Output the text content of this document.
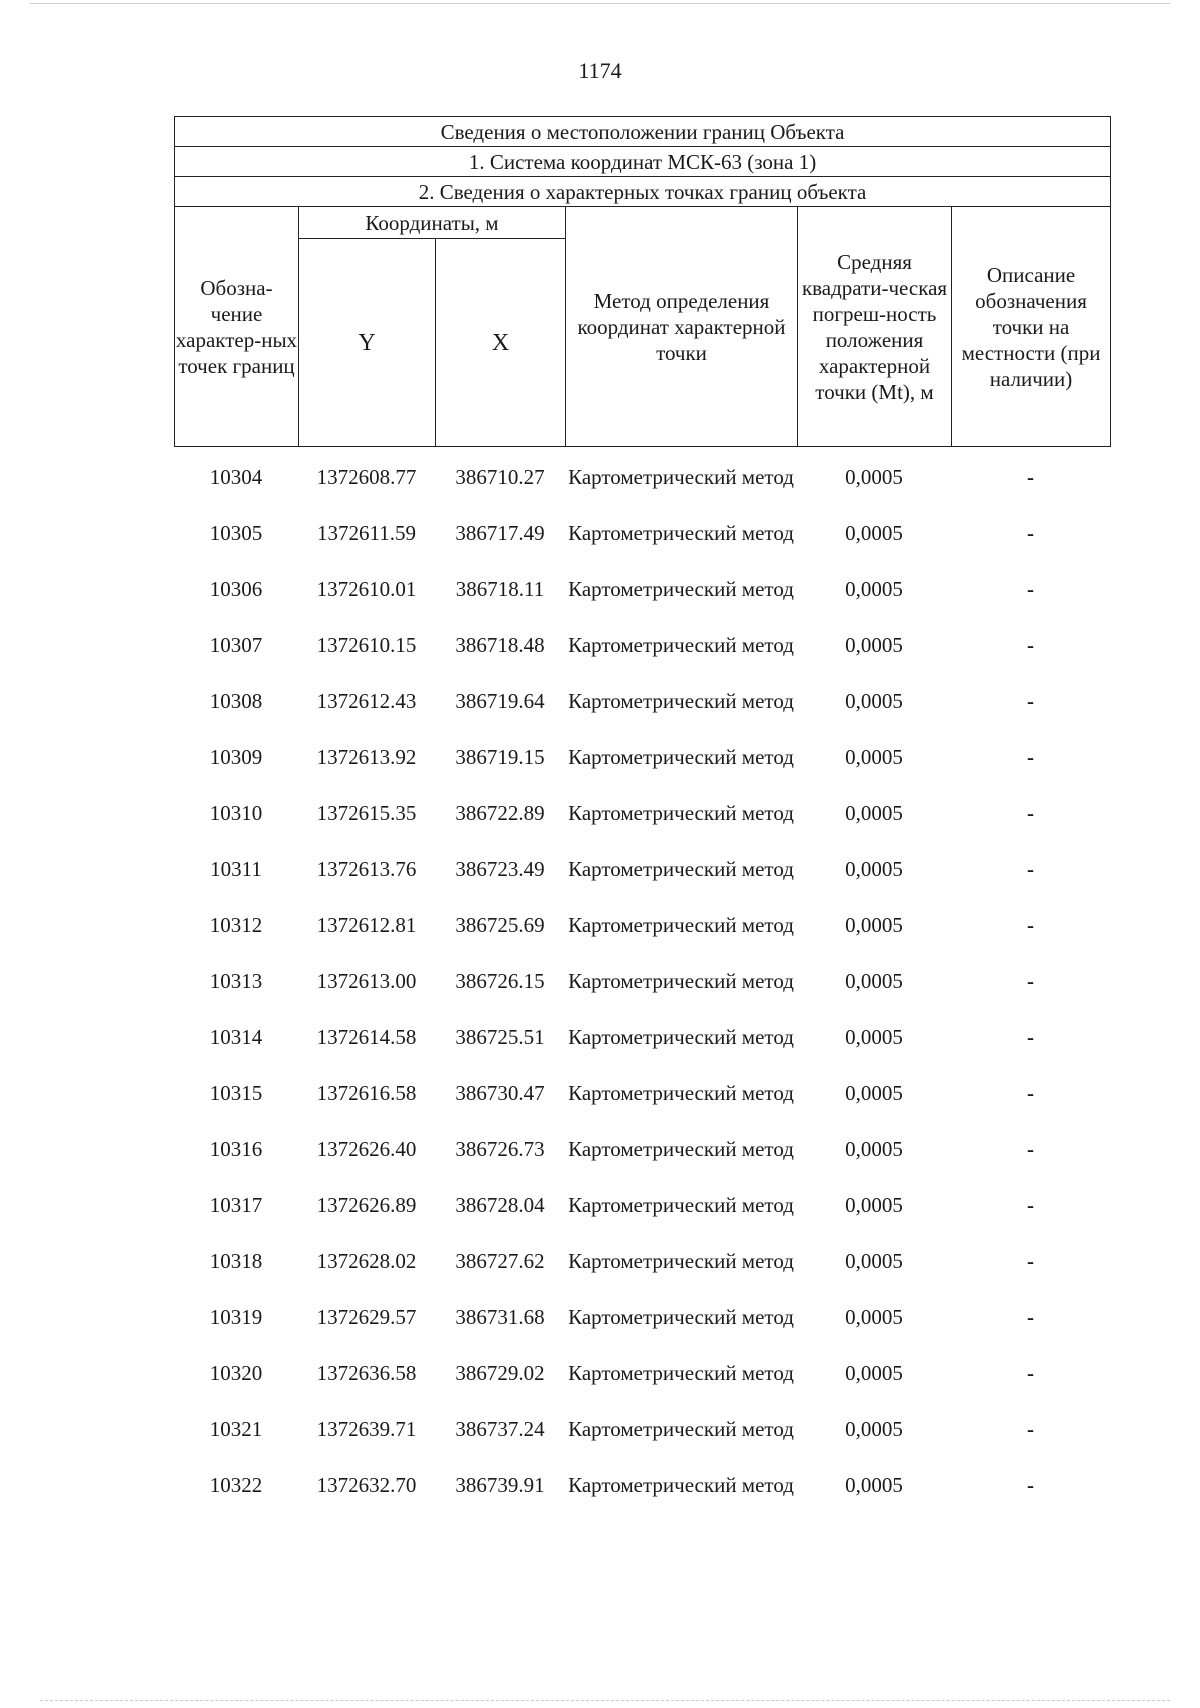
1174
Сведения о местоположении границ Объекта					
1. Система координат МСК-63 (зона 1)					
2. Сведения о характерных точках границ объекта					
Обозна-чение характер-ных точек границ	Координаты, м		Метод определения координат характерной точки	Средняя квадрати-ческая погреш-ность положения характерной точки (Mt), м	Описание обозначения точки на местности (при наличии)
	Y	X			
10304	1372608.77	386710.27	Картометрический метод	0,0005	-
10305	1372611.59	386717.49	Картометрический метод	0,0005	-
10306	1372610.01	386718.11	Картометрический метод	0,0005	-
10307	1372610.15	386718.48	Картометрический метод	0,0005	-
10308	1372612.43	386719.64	Картометрический метод	0,0005	-
10309	1372613.92	386719.15	Картометрический метод	0,0005	-
10310	1372615.35	386722.89	Картометрический метод	0,0005	-
10311	1372613.76	386723.49	Картометрический метод	0,0005	-
10312	1372612.81	386725.69	Картометрический метод	0,0005	-
10313	1372613.00	386726.15	Картометрический метод	0,0005	-
10314	1372614.58	386725.51	Картометрический метод	0,0005	-
10315	1372616.58	386730.47	Картометрический метод	0,0005	-
10316	1372626.40	386726.73	Картометрический метод	0,0005	-
10317	1372626.89	386728.04	Картометрический метод	0,0005	-
10318	1372628.02	386727.62	Картометрический метод	0,0005	-
10319	1372629.57	386731.68	Картометрический метод	0,0005	-
10320	1372636.58	386729.02	Картометрический метод	0,0005	-
10321	1372639.71	386737.24	Картометрический метод	0,0005	-
10322	1372632.70	386739.91	Картометрический метод	0,0005	-
